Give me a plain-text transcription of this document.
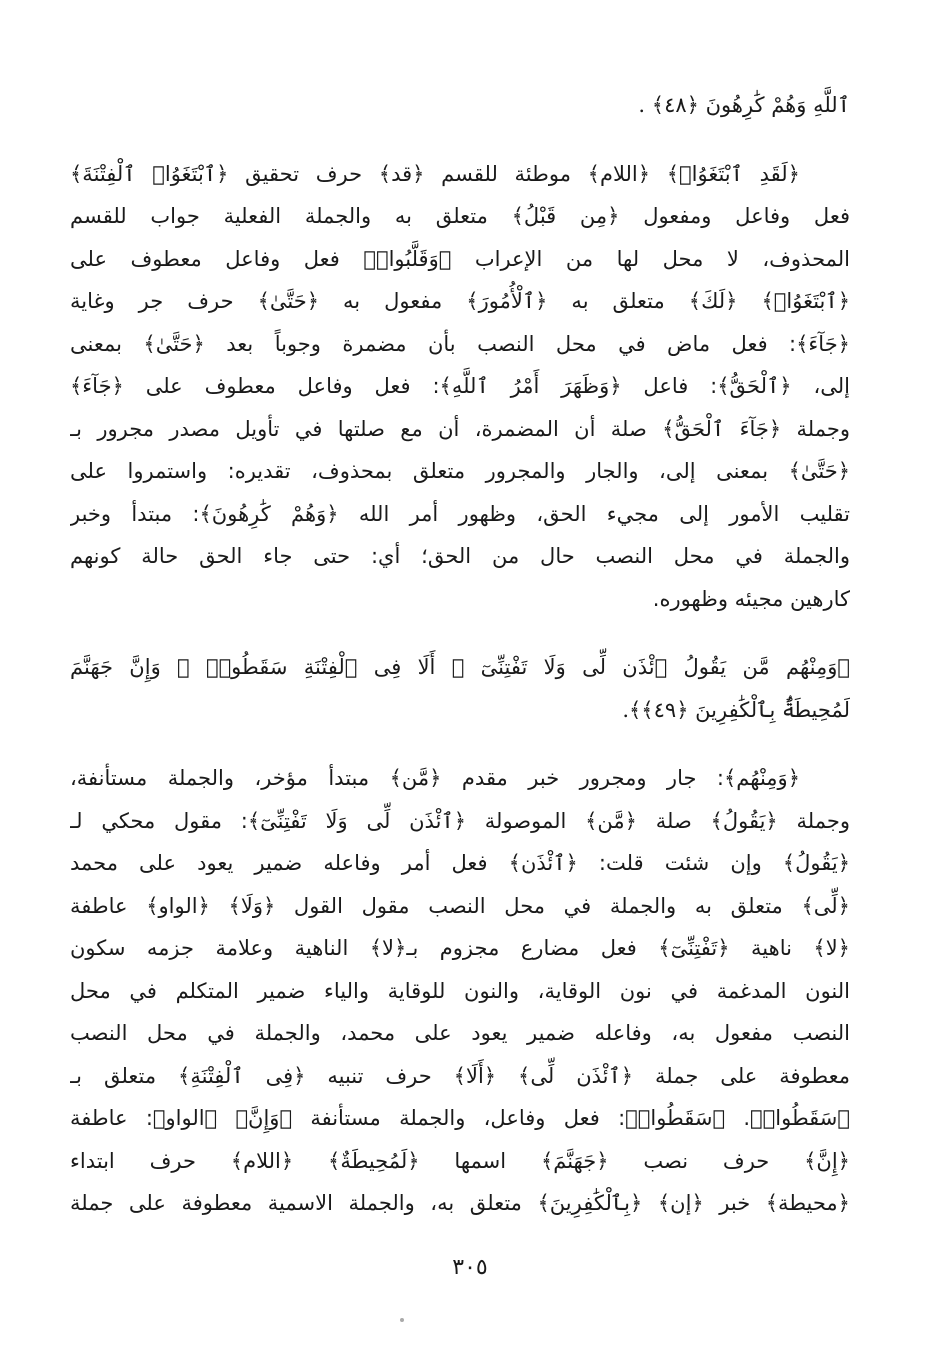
ٱللَّهِ وَهُمْ كَٰرِهُونَ ﴿٤٨﴾ .
﴿لَقَدِ ٱبْتَغَوُا۟﴾ ﴿اللام﴾ موطئة للقسم ﴿قد﴾ حرف تحقيق ﴿ٱبْتَغَوُا۟ ٱلْفِتْنَةَ﴾
فعل وفاعل ومفعول ﴿مِن قَبْلُ﴾ متعلق به والجملة الفعلية جواب للقسم
المحذوف، لا محل لها من الإعراب ﴿وَقَلَّبُوا۟﴾ فعل وفاعل معطوف على
﴿ٱبْتَغَوُا۟﴾ ﴿لَكَ﴾ متعلق به ﴿ٱلْأُمُورَ﴾ مفعول به ﴿حَتَّىٰ﴾ حرف جر وغاية
﴿جَآءَ﴾: فعل ماض في محل النصب بأن مضمرة وجوباً بعد ﴿حَتَّىٰ﴾ بمعنى
إلى، ﴿ٱلْحَقُّ﴾: فاعل ﴿وَظَهَرَ أَمْرُ ٱللَّهِ﴾: فعل وفاعل معطوف على ﴿جَآءَ﴾
وجملة ﴿جَآءَ ٱلْحَقُّ﴾ صلة أن المضمرة، أن مع صلتها في تأويل مصدر مجرور بـ
﴿حَتَّىٰ﴾ بمعنى إلى، والجار والمجرور متعلق بمحذوف، تقديره: واستمروا على
تقليب الأمور إلى مجيء الحق، وظهور أمر الله ﴿وَهُمْ كَٰرِهُونَ﴾: مبتدأ وخبر
والجملة في محل النصب حال من الحق؛ أي: حتى جاء الحق حالة كونهم
كارهين مجيئه وظهوره.
﴿وَمِنْهُم مَّن يَقُولُ ٱئْذَن لِّى وَلَا تَفْتِنِّىٓ ۚ أَلَا فِى ٱلْفِتْنَةِ سَقَطُوا۟ ۗ وَإِنَّ جَهَنَّمَ
لَمُحِيطَةٌۢ بِٱلْكَٰفِرِينَ ﴿٤٩﴾﴾.
﴿وَمِنْهُم﴾: جار ومجرور خبر مقدم ﴿مَّن﴾ مبتدأ مؤخر، والجملة مستأنفة،
وجملة ﴿يَقُولُ﴾ صلة ﴿مَّن﴾ الموصولة ﴿ٱئْذَن لِّى وَلَا تَفْتِنِّىٓ﴾: مقول محكي لـ
﴿يَقُولُ﴾ وإن شئت قلت: ﴿ٱئْذَن﴾ فعل أمر وفاعله ضمير يعود على محمد
﴿لِّى﴾ متعلق به والجملة في محل النصب مقول القول ﴿وَلَا﴾ ﴿الواو﴾ عاطفة
﴿لا﴾ ناهية ﴿تَفْتِنِّىٓ﴾ فعل مضارع مجزوم بـ﴿لا﴾ الناهية وعلامة جزمه سكون
النون المدغمة في نون الوقاية، والنون للوقاية والياء ضمير المتكلم في محل
النصب مفعول به، وفاعله ضمير يعود على محمد، والجملة في محل النصب
معطوفة على جملة ﴿ٱئْذَن لِّى﴾ ﴿أَلَا﴾ حرف تنبيه ﴿فِى ٱلْفِتْنَةِ﴾ متعلق بـ
﴿سَقَطُوا۟﴾. ﴿سَقَطُوا۟﴾: فعل وفاعل، والجملة مستأنفة ﴿وَإِنَّ﴾ ﴿الواو﴾: عاطفة
﴿إِنَّ﴾ حرف نصب ﴿جَهَنَّمَ﴾ اسمها ﴿لَمُحِيطَةٌ﴾ ﴿اللام﴾ حرف ابتداء
﴿محيطة﴾ خبر ﴿إن﴾ ﴿بِٱلْكَٰفِرِينَ﴾ متعلق به، والجملة الاسمية معطوفة على جملة
٣٠٥
